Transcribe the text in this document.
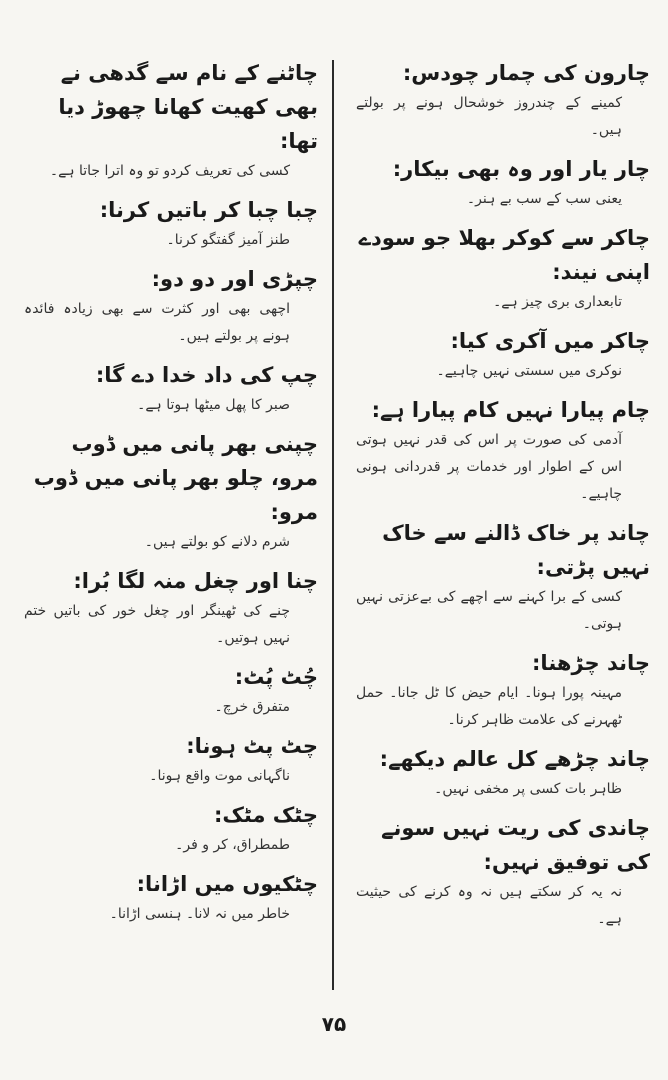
چارون کی چمار چودس:

کمینے کے چندروز خوشحال ہونے پر بولتے ہیں۔

چار یار اور وہ بھی بیکار:

یعنی سب کے سب بے ہنر۔

چاکر سے کوکر بھلا جو سودے اپنی نیند:

تابعداری بری چیز ہے۔

چاکر میں آکری کیا:

نوکری میں سستی نہیں چاہیے۔

چام پیارا نہیں کام پیارا ہے:

آدمی کی صورت پر اس کی قدر نہیں ہوتی اس کے اطوار اور خدمات پر قدردانی ہونی چاہیے۔

چاند پر خاک ڈالنے سے خاک نہیں پڑتی:

کسی کے برا کہنے سے اچھے کی بےعزتی نہیں ہوتی۔

چاند چڑھنا:

مہینہ پورا ہونا۔ ایام حیض کا ٹل جانا۔ حمل ٹھہرنے کی علامت ظاہر کرنا۔

چاند چڑھے کل عالم دیکھے:

ظاہر بات کسی پر مخفی نہیں۔

چاندی کی ریت نہیں سونے کی توفیق نہیں:

نہ یہ کر سکتے ہیں نہ وہ کرنے کی حیثیت ہے۔

چاٹنے کے نام سے گدھی نے بھی کھیت کھانا چھوڑ دیا تھا:

کسی کی تعریف کردو تو وہ اترا جاتا ہے۔

چبا چبا کر باتیں کرنا:

طنز آمیز گفتگو کرنا۔

چپڑی اور دو دو:

اچھی بھی اور کثرت سے بھی زیادہ فائدہ ہونے پر بولتے ہیں۔

چپ کی داد خدا دے گا:

صبر کا پھل میٹھا ہوتا ہے۔

چپنی بھر پانی میں ڈوب مرو، چلو بھر پانی میں ڈوب مرو:

شرم دلانے کو بولتے ہیں۔

چنا اور چغل منہ لگا بُرا:

چنے کی ٹھینگر اور چغل خور کی باتیں ختم نہیں ہوتیں۔

چُٹ پُٹ:

متفرق خرچ۔

چٹ پٹ ہونا:

ناگہانی موت واقع ہونا۔

چٹک مٹک:

طمطراق، کر و فر۔

چٹکیوں میں اڑانا:

خاطر میں نہ لانا۔ ہنسی اڑانا۔

۷۵
